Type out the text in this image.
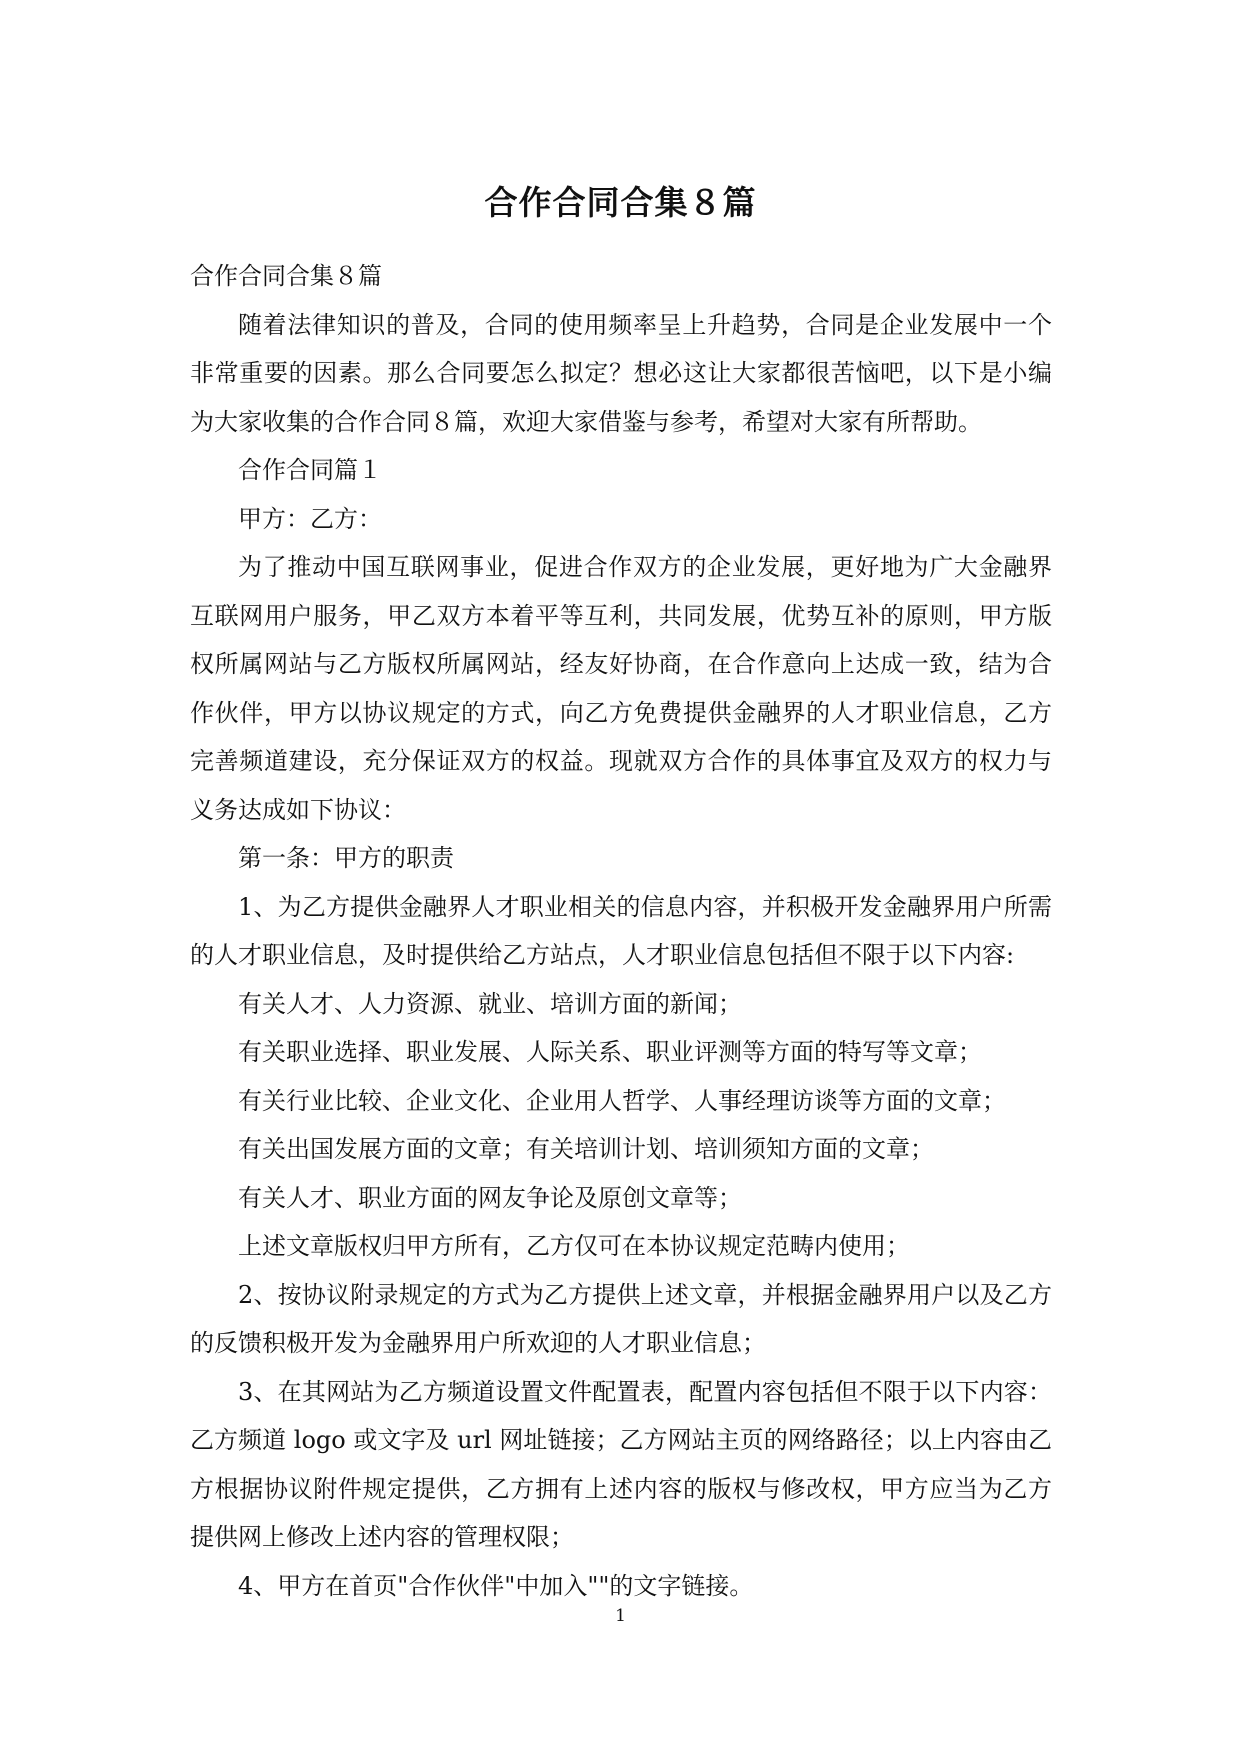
合作合同合集８篇

合作合同合集８篇

随着法律知识的普及，合同的使用频率呈上升趋势，合同是企业发展中一个非常重要的因素。那么合同要怎么拟定？想必这让大家都很苦恼吧，以下是小编为大家收集的合作合同８篇，欢迎大家借鉴与参考，希望对大家有所帮助。

合作合同篇１

甲方：乙方：

为了推动中国互联网事业，促进合作双方的企业发展，更好地为广大金融界互联网用户服务，甲乙双方本着平等互利，共同发展，优势互补的原则，甲方版权所属网站与乙方版权所属网站，经友好协商，在合作意向上达成一致，结为合作伙伴，甲方以协议规定的方式，向乙方免费提供金融界的人才职业信息，乙方完善频道建设，充分保证双方的权益。现就双方合作的具体事宜及双方的权力与义务达成如下协议：

第一条：甲方的职责

1、为乙方提供金融界人才职业相关的信息内容，并积极开发金融界用户所需的人才职业信息，及时提供给乙方站点，人才职业信息包括但不限于以下内容:

有关人才、人力资源、就业、培训方面的新闻；

有关职业选择、职业发展、人际关系、职业评测等方面的特写等文章；

有关行业比较、企业文化、企业用人哲学、人事经理访谈等方面的文章；

有关出国发展方面的文章；有关培训计划、培训须知方面的文章；

有关人才、职业方面的网友争论及原创文章等；

上述文章版权归甲方所有，乙方仅可在本协议规定范畴内使用；

2、按协议附录规定的方式为乙方提供上述文章，并根据金融界用户以及乙方的反馈积极开发为金融界用户所欢迎的人才职业信息；

3、在其网站为乙方频道设置文件配置表，配置内容包括但不限于以下内容：乙方频道 logo 或文字及 url 网址链接；乙方网站主页的网络路径；以上内容由乙方根据协议附件规定提供，乙方拥有上述内容的版权与修改权，甲方应当为乙方提供网上修改上述内容的管理权限；

4、甲方在首页"合作伙伴"中加入""的文字链接。

1
